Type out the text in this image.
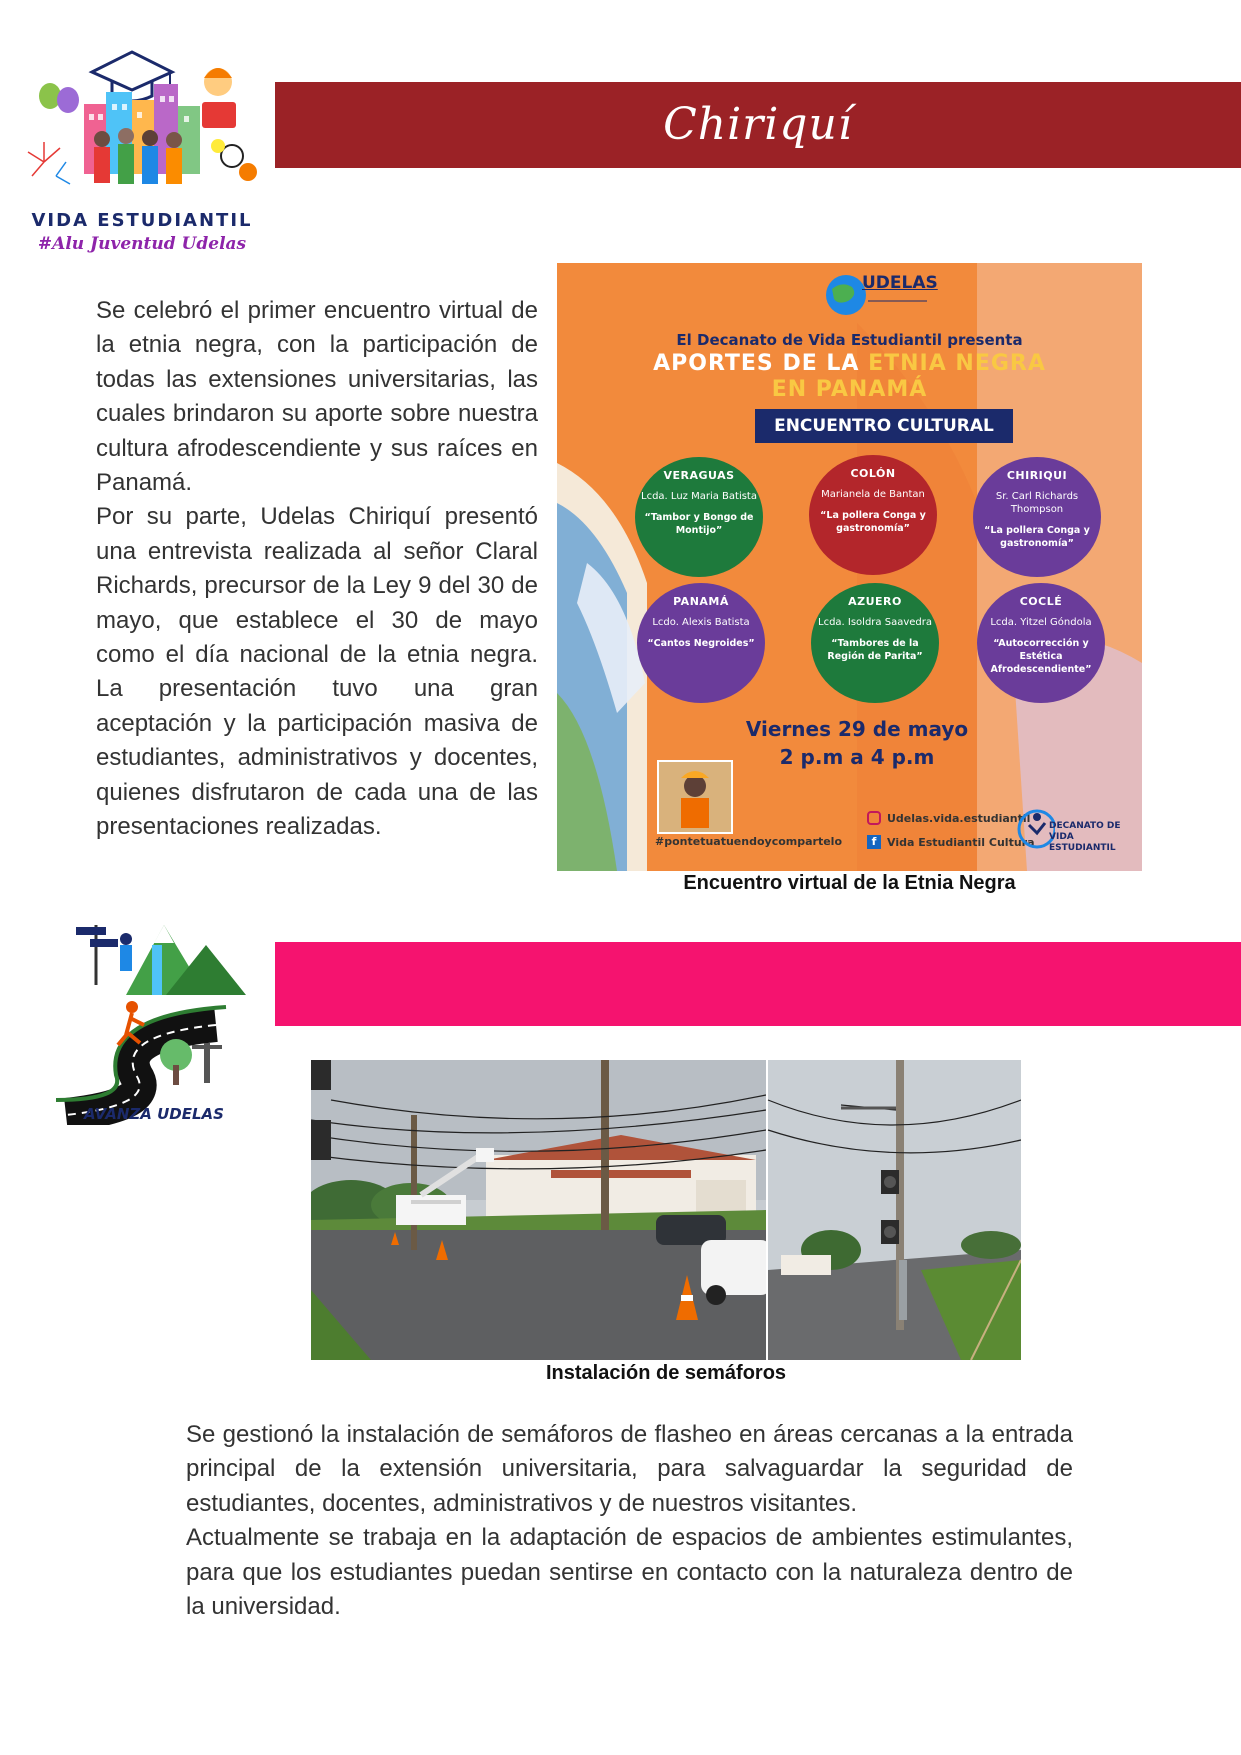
VIDA ESTUDIANTIL
#Alu Juventud Udelas
Chiriquí

Se celebró el primer encuentro virtual de la etnia negra, con la participación de todas las extensiones universitarias, las cuales brindaron su aporte sobre nuestra cultura afrodescendiente y sus raíces en Panamá.

Por su parte, Udelas Chiriquí presentó una entrevista realizada al señor Claral Richards, precursor de la Ley 9 del 30 de mayo, que establece el 30 de mayo como el día nacional de la etnia negra. La presentación tuvo una gran aceptación y la participación masiva de estudiantes, administrativos y docentes, quienes disfrutaron de cada una de las presentaciones realizadas.

UDELAS
El Decanato de Vida Estudiantil presenta
APORTES DE LA ETNIA NEGRA
EN PANAMÁ
ENCUENTRO CULTURAL
VERAGUAS
Lcda. Luz Maria Batista
“Tambor y Bongo de Montijo”
COLÓN
Marianela de Bantan
“La pollera Conga y gastronomía”
CHIRIQUI
Sr. Carl Richards Thompson
“La pollera Conga y gastronomía”
PANAMÁ
Lcdo. Alexis Batista
“Cantos Negroides”
AZUERO
Lcda. Isoldra Saavedra
“Tambores de la Región de Parita”
COCLÉ
Lcda. Yitzel Góndola
“Autocorrección y Estética Afrodescendiente”
Viernes 29 de mayo
2 p.m a 4 p.m
#pontetuatuendoycompartelo
Udelas.vida.estudiantil
f Vida Estudiantil Cultura
DECANATO DE VIDA ESTUDIANTIL
Encuentro virtual de la Etnia Negra
AVANZA UDELAS
Instalación de semáforos

Se gestionó la instalación de semáforos de flasheo en áreas cercanas a la entrada principal de la extensión universitaria, para salvaguardar la seguridad de estudiantes, docentes, administrativos y de nuestros visitantes.

Actualmente se trabaja en la adaptación de espacios de ambientes estimulantes, para que los estudiantes puedan sentirse en contacto con la naturaleza dentro de la universidad.
